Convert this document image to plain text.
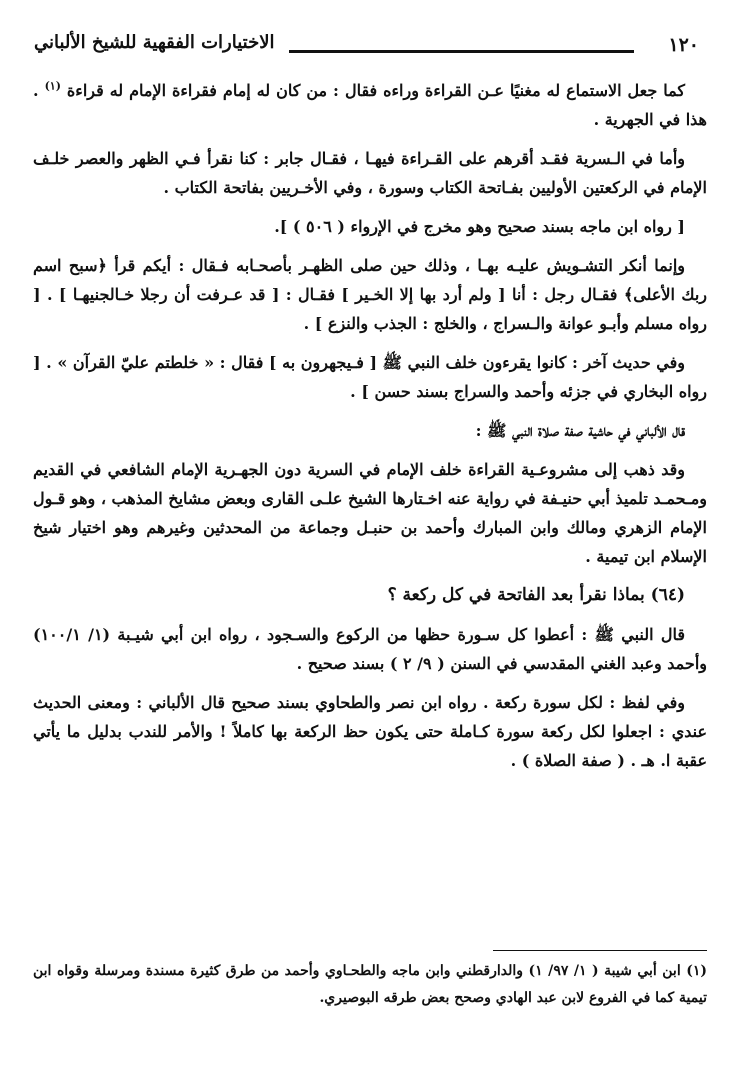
١٢٠
الاختيارات الفقهية للشيخ الألباني

كما جعل الاستماع له مغنيًا عـن القراءة وراءه فقال : من كان له إمام فقراءة الإمام له قراءة $^{(١)}$ . هذا في الجهرية .

وأما في الـسرية فقـد أقرهم على القـراءة فيهـا ، فقـال جابر : كنا نقرأ فـي الظهر والعصر خلـف الإمام في الركعتين الأوليين بفـاتحة الكتاب وسورة ، وفي الأخـريين بفاتحة الكتاب .

[ رواه ابن ماجه بسند صحيح وهو مخرج في الإرواء ( ٥٠٦ ) ].

وإنما أنكر التشـويش عليـه بهـا ، وذلك حين صلى الظهـر بأصحـابه فـقال : أيكم قرأ ﴿سبح اسم ربك الأعلى﴾ فقـال رجل : أنا [ ولم أرد بها إلا الخـير ] فقـال : [ قد عـرفت أن رجلا خـالجنيهـا ] . [ رواه مسلم وأبـو عوانة والـسراج ، والخلج : الجذب والنزع ] .

وفي حديث آخر : كانوا يقرءون خلف النبي ﷺ [ فـيجهرون به ] فقال : « خلطتم عليّ القرآن » . [ رواه البخاري في جزئه وأحمد والسراج بسند حسن ] .

قال الألباني في حاشية صفة صلاة النبي ﷺ :

وقد ذهب إلى مشروعـية القراءة خلف الإمام في السرية دون الجهـرية الإمام الشافعي في القديم ومـحمـد تلميذ أبي حنيـفة في رواية عنه اخـتارها الشيخ علـى القارى وبعض مشايخ المذهب ، وهو قـول الإمام الزهري ومالك وابن المبارك وأحمد بن حنبـل وجماعة من المحدثين وغيرهم وهو اختيار شيخ الإسلام ابن تيمية .

(٦٤) بماذا نقرأ بعد الفاتحة في كل ركعة ؟

قال النبي ﷺ : أعطوا كل سـورة حظها من الركوع والسـجود ، رواه ابن أبي شيـبة (١/ ١٠٠/١) وأحمد وعبد الغني المقدسي في السنن ( ٩/ ٢ ) بسند صحيح .

وفي لفظ : لكل سورة ركعة . رواه ابن نصر والطحاوي بسند صحيح قال الألباني : ومعنى الحديث عندي : اجعلوا لكل ركعة سورة كـاملة حتى يكون حظ الركعة بها كاملاً ! والأمر للندب بدليل ما يأتي عقبة ا. هـ . ( صفة الصلاة ) .

(١) ابن أبي شيبة ( ١/ ٩٧/ ١) والدارقطني وابن ماجه والطحـاوي وأحمد من طرق كثيرة مسندة ومرسلة وقواه ابن تيمية كما في الفروع لابن عبد الهادي وصحح بعض طرقه البوصيري.
